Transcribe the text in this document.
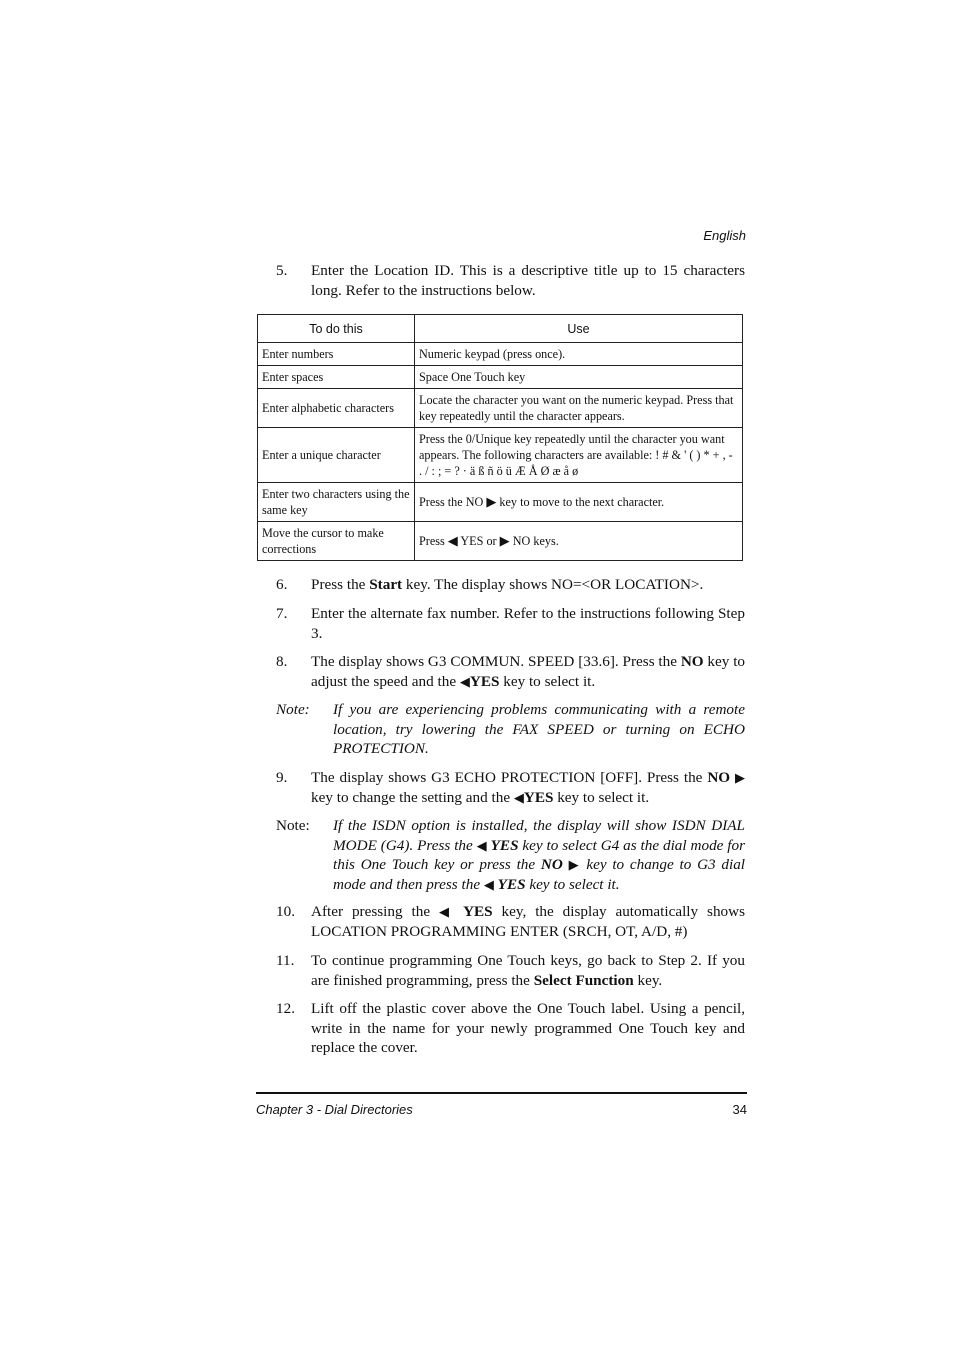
English
5. Enter the Location ID. This is a descriptive title up to 15 characters long. Refer to the instructions below.
To do this	Use
Enter numbers	Numeric keypad (press once).
Enter spaces	Space One Touch key
Enter alphabetic characters	Locate the character you want on the numeric keypad. Press that key repeatedly until the character appears.
Enter a unique character	Press the 0/Unique key repeatedly until the character you want appears. The following characters are available: ! # & ' ( ) * + , - . / : ; = ? · ä ß ñ ö ü Æ Å Ø æ å ø
Enter two characters using the same key	Press the NO ▶ key to move to the next character.
Move the cursor to make corrections	Press ◀ YES or ▶ NO keys.
6. Press the Start key. The display shows NO=<OR LOCATION>.
7. Enter the alternate fax number. Refer to the instructions following Step 3.
8. The display shows G3 COMMUN. SPEED [33.6]. Press the NO key to adjust the speed and the ◀YES key to select it.
Note: If you are experiencing problems communicating with a remote location, try lowering the FAX SPEED or turning on ECHO PROTECTION.
9. The display shows G3 ECHO PROTECTION [OFF]. Press the NO ▶ key to change the setting and the ◀YES key to select it.
Note: If the ISDN option is installed, the display will show ISDN DIAL MODE (G4). Press the ◀ YES key to select G4 as the dial mode for this One Touch key or press the NO ▶ key to change to G3 dial mode and then press the ◀ YES key to select it.
10. After pressing the ◀ YES key, the display automatically shows LOCATION PROGRAMMING ENTER (SRCH, OT, A/D, #)
11. To continue programming One Touch keys, go back to Step 2. If you are finished programming, press the Select Function key.
12. Lift off the plastic cover above the One Touch label. Using a pencil, write in the name for your newly programmed One Touch key and replace the cover.
Chapter 3 - Dial Directories	34
